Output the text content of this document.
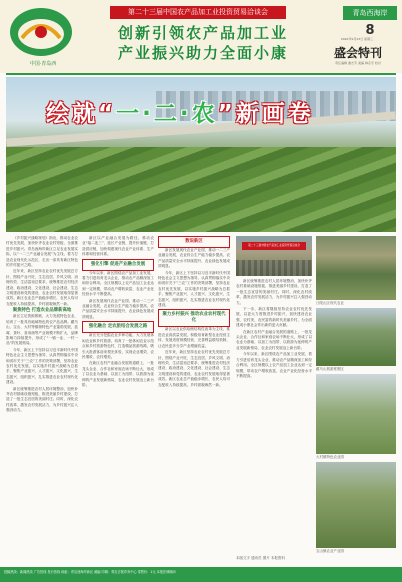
中国·青岛西
第二十三届中国农产品加工业投资贸易洽谈会
创新引领农产品加工业
产业振兴助力全面小康
青岛西海岸
8
2020年9月23日 星期三
盛会特刊
责任编辑 谢志芳 美编 韩宗宇 校对
绘就“一·二·农”新画卷

《乡村振兴战略规划》指出，推动农业农村优先发展，加快补齐农业农村短板，全面推进乡村振兴。青岛西海岸新区立足农业发展实际，以“一二三产业融合发展”为主线，着力打造农业现代化示范区，走出一条具有新区特色的乡村振兴之路。

近年来，新区坚持农业农村优先发展总方针，围绕产业兴旺、生态宜居、乡风文明、治理有效、生活富裕总要求，统筹推进农村经济建设、政治建设、文化建设、社会建设、生态文明建设和党的建设，农业农村发展取得显著成效。新区农业总产值稳步增长，农民人均可支配收入持续提高，乡村面貌焕然一新。

聚焦特色 打造农业品牌新高地

新区立足资源禀赋，大力发展特色农业，培育了一批具有地域特色的农产品品牌。藏马山、宝山、大村等镇街特色产业蓬勃发展，蓝莓、茶叶、食用菌等产业规模不断扩大，品牌影响力持续提升，形成了“一镇一业、一村一品”的发展格局。

今年，新区上下坚持以习近平新时代中国特色社会主义思想为指导，认真贯彻落实中央和省市关于“三农”工作的决策部署，坚持农业农村优先发展，以实施乡村振兴战略为总抓手，聚焦产业振兴、人才振兴、文化振兴、生态振兴、组织振兴，扎实推进农业农村现代化建设。

新区统筹推进农村人居环境整治，加快补齐农村基础设施短板，推进美丽乡村建设，打造了一批生态宜居的美丽村庄。同时，深化农村改革，激发农村发展活力，为乡村振兴注入强劲动力。

新区以产业融合发展为路径，推动农业“接二连三”，延长产业链、提升价值链、打造供应链，加快构建现代农业产业体系、生产体系和经营体系。

强化引擎 促进产业融合发展

今年以来，新区围绕农产品加工业发展，着力引进培育龙头企业，推动农产品精深加工和综合利用。全区规模以上农产品加工企业达到一定规模，带动农户增收致富，农业产业化经营水平不断提高。

新区发展现代农业产业园，推动一二三产业融合发展，农业综合生产能力稳步提高，农产品质量安全水平持续提升，农业绿色发展成效明显。

强化融合 走农旅结合发展之路

新区充分挖掘农业多种功能，大力发展休闲农业和乡村旅游，培育了一批休闲农业示范点和乡村旅游特色村，打造精品旅游线路，吸引大批游客前来观光体验，实现农业增效、农民增收、农村增美。

在新区农村产业融合发展的道路上，一批龙头企业、合作社和家庭农场不断壮大，形成了以农业为基础、以加工为纽带、以旅游为延伸的产业发展新格局，农业农村发展迈上新台阶。

数说新区

新区发展现代农业产业园，推动一二三产业融合发展，农业综合生产能力稳步提高，农产品质量安全水平持续提升，农业绿色发展成效明显。

今年，新区上下坚持以习近平新时代中国特色社会主义思想为指导，认真贯彻落实中央和省市关于“三农”工作的决策部署，坚持农业农村优先发展，以实施乡村振兴战略为总抓手，聚焦产业振兴、人才振兴、文化振兴、生态振兴、组织振兴，扎实推进农业农村现代化建设。

聚力乡村振兴 推动农业农村现代化

新区以农业供给侧结构性改革为主线，推进农业高质量发展，积极培育新型农业经营主体，发展适度规模经营，完善利益联结机制，让农民更多分享产业增值收益。

近年来，新区坚持农业农村优先发展总方针，围绕产业兴旺、生态宜居、乡风文明、治理有效、生活富裕总要求，统筹推进农村经济建设、政治建设、文化建设、社会建设、生态文明建设和党的建设，农业农村发展取得显著成效。新区农业总产值稳步增长，农民人均可支配收入持续提高，乡村面貌焕然一新。

第二十三届中国农产品加工业投资贸易洽谈会

新区统筹推进农村人居环境整治，加快补齐农村基础设施短板，推进美丽乡村建设，打造了一批生态宜居的美丽村庄。同时，深化农村改革，激发农村发展活力，为乡村振兴注入强劲动力。

下一步，新区将继续坚持农业农村优先发展，以更大力度推进乡村振兴，加快建设农业强、农村美、农民富的新时代美丽乡村，为全面建成小康社会作出新的更大贡献。

在新区农村产业融合发展的道路上，一批龙头企业、合作社和家庭农场不断壮大，形成了以农业为基础、以加工为纽带、以旅游为延伸的产业发展新格局，农业农村发展迈上新台阶。

今年以来，新区围绕农产品加工业发展，着力引进培育龙头企业，推动农产品精深加工和综合利用。全区规模以上农产品加工企业达到一定规模，带动农户增收致富，农业产业化经营水平不断提高。

丘陵山区现代农业
藏马山旅游度假区
大村镇特色农业园
宝山镇农业产业园
本版文字 通讯员 图片 本报资料
投稿热线：新闻热线 广告热线 发行热线 地址：青岛西海岸新区 邮编 印刷：青岛日报印务中心 零售价：1元 本报法律顾问
